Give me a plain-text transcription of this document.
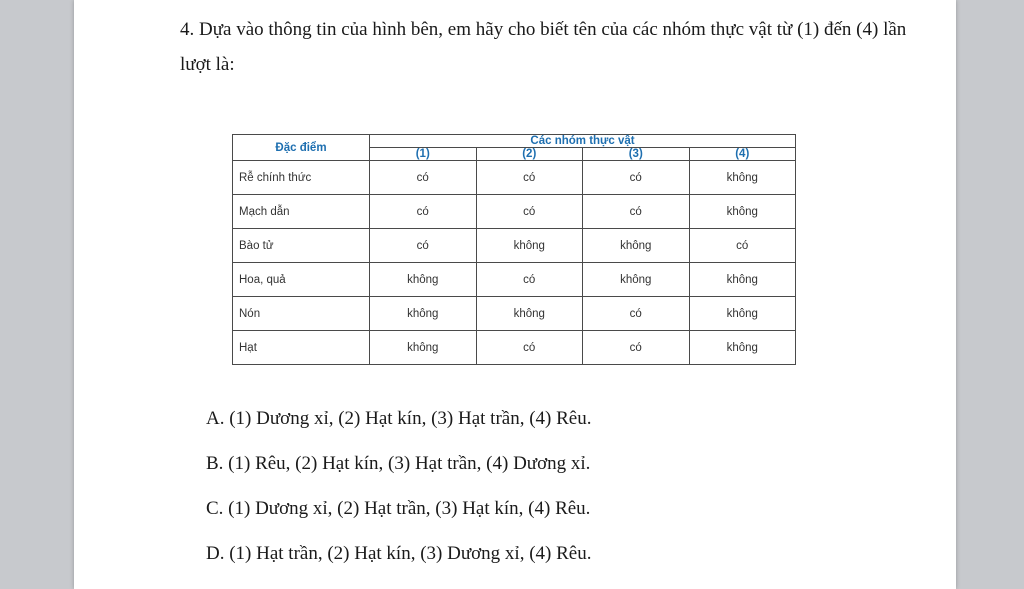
4. Dựa vào thông tin của hình bên, em hãy cho biết tên của các nhóm thực vật từ (1) đến (4) lần lượt là:

Đặc điểm	Các nhóm thực vật			
	(1)	(2)	(3)	(4)
Rễ chính thức	có	có	có	không
Mạch dẫn	có	có	có	không
Bào tử	có	không	không	có
Hoa, quả	không	có	không	không
Nón	không	không	có	không
Hạt	không	có	có	không
A. (1) Dương xỉ, (2) Hạt kín, (3) Hạt trần, (4) Rêu.
B. (1) Rêu, (2) Hạt kín, (3) Hạt trần, (4) Dương xỉ.
C. (1) Dương xỉ, (2) Hạt trần, (3) Hạt kín, (4) Rêu.
D. (1) Hạt trần, (2) Hạt kín, (3) Dương xỉ, (4) Rêu.
